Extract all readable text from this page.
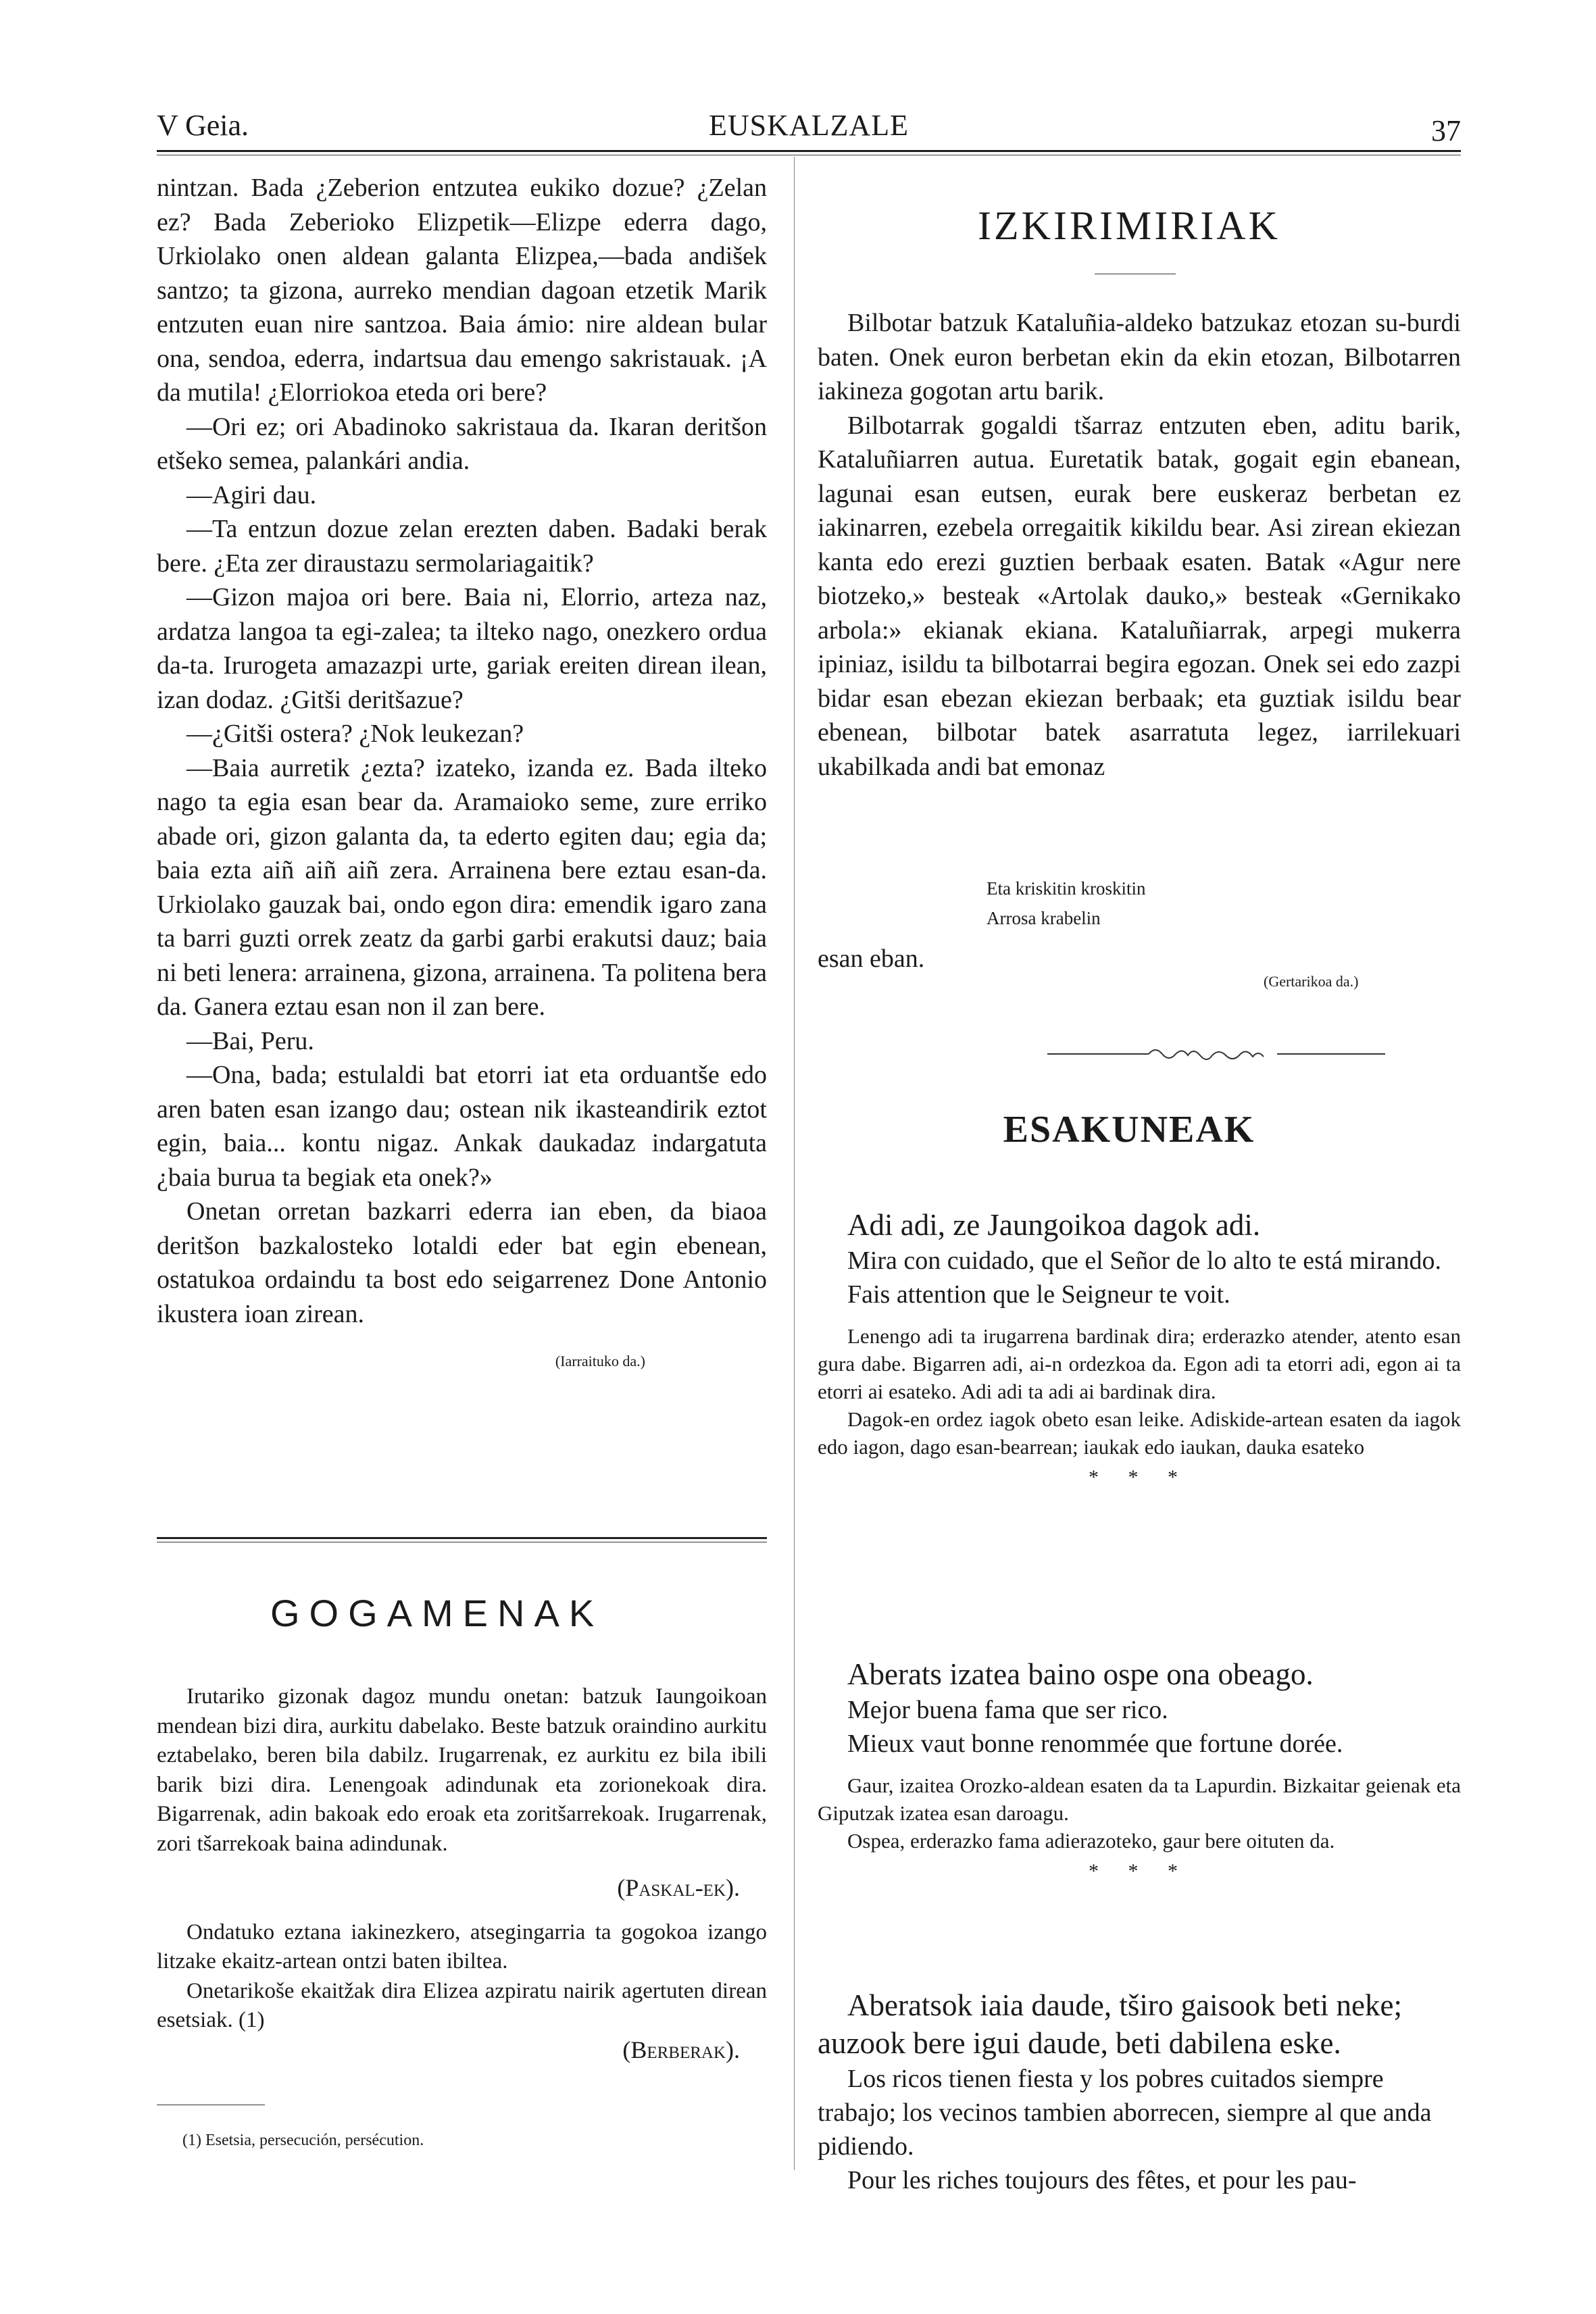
V Geia.	EUSKALZALE	37

nintzan. Bada ¿Zeberion entzutea eukiko dozue? ¿Zelan ez? Bada Zeberioko Elizpetik—Elizpe ederra dago, Urkiolako onen aldean galanta Elizpea,—bada andišek santzo; ta gizona, aurreko mendian dagoan etzetik Marik entzuten euan nire santzoa. Baia ámio: nire aldean bular ona, sendoa, ederra, indartsua dau emengo sakristauak. ¡A da mutila! ¿Elorriokoa eteda ori bere?

—Ori ez; ori Abadinoko sakristaua da. Ikaran deritšon etšeko semea, palankári andia.

—Agiri dau.

—Ta entzun dozue zelan erezten daben. Badaki berak bere. ¿Eta zer diraustazu sermolariagaitik?

—Gizon majoa ori bere. Baia ni, Elorrio, arteza naz, ardatza langoa ta egi-zalea; ta ilteko nago, onezkero ordua da-ta. Irurogeta amazazpi urte, gariak ereiten direan ilean, izan dodaz. ¿Gitši deritšazue?

—¿Gitši ostera? ¿Nok leukezan?

—Baia aurretik ¿ezta? izateko, izanda ez. Bada ilteko nago ta egia esan bear da. Aramaioko seme, zure erriko abade ori, gizon galanta da, ta ederto egiten dau; egia da; baia ezta aiñ aiñ aiñ zera. Arrainena bere eztau esan-da. Urkiolako gauzak bai, ondo egon dira: emendik igaro zana ta barri guzti orrek zeatz da garbi garbi erakutsi dauz; baia ni beti lenera: arrainena, gizona, arrainena. Ta politena bera da. Ganera eztau esan non il zan bere.

—Bai, Peru.

—Ona, bada; estulaldi bat etorri iat eta orduantše edo aren baten esan izango dau; ostean nik ikasteandirik eztot egin, baia... kontu nigaz. Ankak daukadaz indargatuta ¿baia burua ta begiak eta onek?»

Onetan orretan bazkarri ederra ian eben, da biaoa deritšon bazkalosteko lotaldi eder bat egin ebenean, ostatukoa ordaindu ta bost edo seigarrenez Done Antonio ikustera ioan zirean.

(Iarraituko da.)

GOGAMENAK

Irutariko gizonak dagoz mundu onetan: batzuk Iaungoikoan mendean bizi dira, aurkitu dabelako. Beste batzuk oraindino aurkitu eztabelako, beren bila dabilz. Irugarrenak, ez aurkitu ez bila ibili barik bizi dira. Lenengoak adindunak eta zorionekoak dira. Bigarrenak, adin bakoak edo eroak eta zoritšarrekoak. Irugarrenak, zori tšarrekoak baina adindunak.

(Paskal-ek).

Ondatuko eztana iakinezkero, atsegingarria ta gogokoa izango litzake ekaitz-artean ontzi baten ibiltea.

Onetarikoše ekaitžak dira Elizea azpiratu nairik agertuten direan esetsiak. (1)

(Berberak).

(1) Esetsia, persecución, persécution.
IZKIRIMIRIAK

Bilbotar batzuk Kataluñia-aldeko batzukaz etozan su-burdi baten. Onek euron berbetan ekin da ekin etozan, Bilbotarren iakineza gogotan artu barik.

Bilbotarrak gogaldi tšarraz entzuten eben, aditu barik, Kataluñiarren autua. Euretatik batak, gogait egin ebanean, lagunai esan eutsen, eurak bere euskeraz berbetan ez iakinarren, ezebela orregaitik kikildu bear. Asi zirean ekiezan kanta edo erezi guztien berbaak esaten. Batak «Agur nere biotzeko,» besteak «Artolak dauko,» besteak «Gernikako arbola:» ekianak ekiana. Kataluñiarrak, arpegi mukerra ipiniaz, isildu ta bilbotarrai begira egozan. Onek sei edo zazpi bidar esan ebezan ekiezan berbaak; eta guztiak isildu bear ebenean, bilbotar batek asarratuta legez, iarrilekuari ukabilkada andi bat emonaz

Eta kriskitin kroskitin
Arrosa krabelin
esan eban.
(Gertarikoa da.)
ESAKUNEAK

Adi adi, ze Jaungoikoa dagok adi.

Mira con cuidado, que el Señor de lo alto te está mirando.

Fais attention que le Seigneur te voit.

Lenengo adi ta irugarrena bardinak dira; erderazko atender, atento esan gura dabe. Bigarren adi, ai-n ordezkoa da. Egon adi ta etorri adi, egon ai ta etorri ai esateko. Adi adi ta adi ai bardinak dira.

Dagok-en ordez iagok obeto esan leike. Adiskide-artean esaten da iagok edo iagon, dago esan-bearrean; iaukak edo iaukan, dauka esateko

* * *

Aberats izatea baino ospe ona obeago.

Mejor buena fama que ser rico.

Mieux vaut bonne renommée que fortune dorée.

Gaur, izaitea Orozko-aldean esaten da ta Lapurdin. Bizkaitar geienak eta Giputzak izatea esan daroagu.

Ospea, erderazko fama adierazoteko, gaur bere oituten da.

* * *

Aberatsok iaia daude, tširo gaisook beti neke; auzook bere igui daude, beti dabilena eske.

Los ricos tienen fiesta y los pobres cuitados siempre trabajo; los vecinos tambien aborrecen, siempre al que anda pidiendo.

Pour les riches toujours des fêtes, et pour les pau-
